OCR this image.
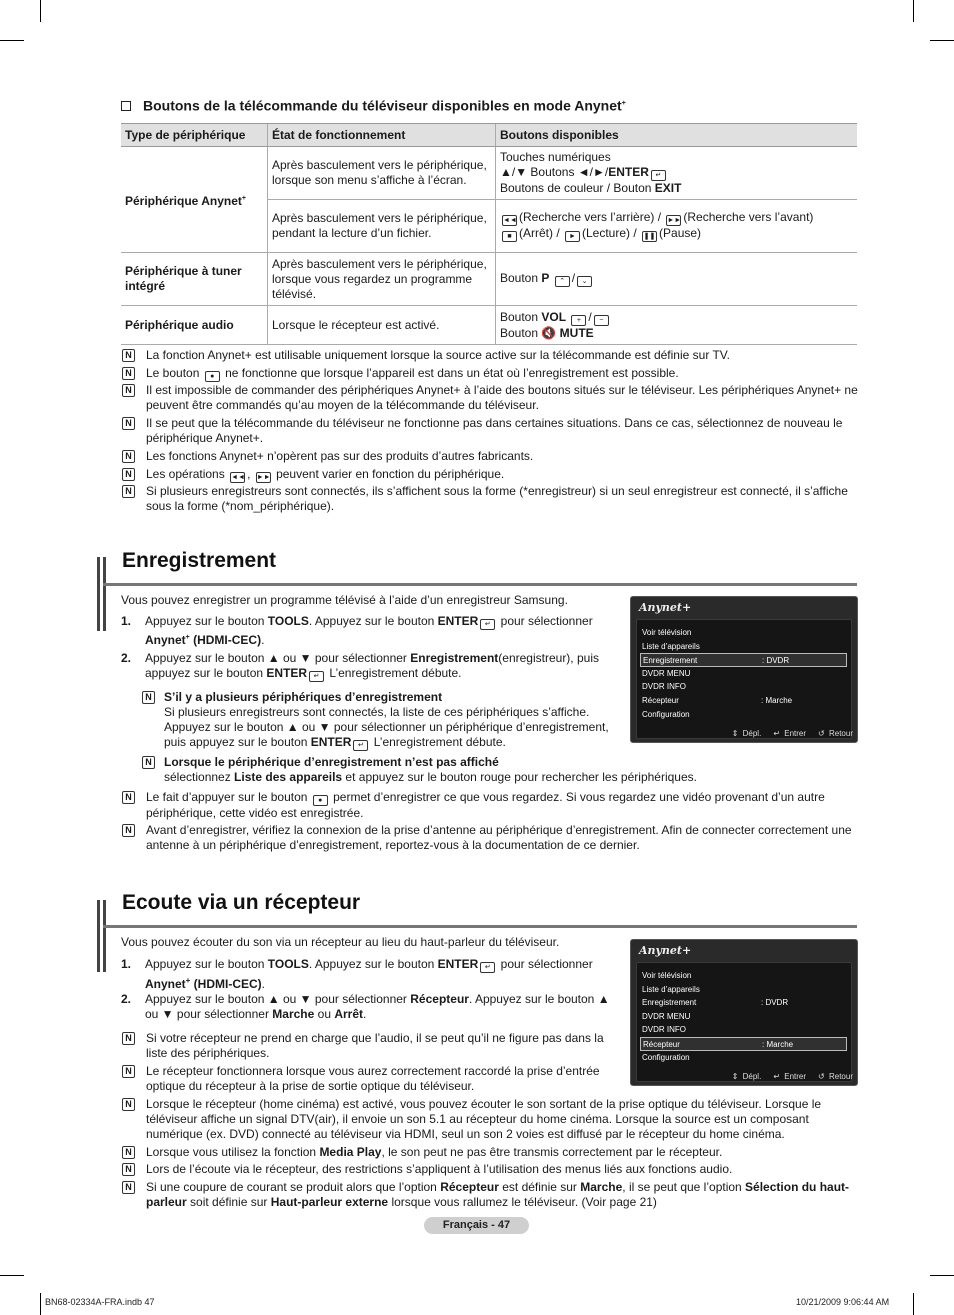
Boutons de la télécommande du téléviseur disponibles en mode Anynet+
Type de périphérique	État de fonctionnement	Boutons disponibles
Périphérique Anynet+	Après basculement vers le périphérique, lorsque son menu s’affiche à l’écran.	Touches numériques
▲/▼ Boutons ◄/►/ENTER ↵
Boutons de couleur / Bouton EXIT

	Après basculement vers le périphérique, pendant la lecture d’un fichier.	◄◄ (Recherche vers l’arrière) / ►► (Recherche vers l’avant)
■ (Arrêt) / ► (Lecture) / ❚❚ (Pause)

Périphérique à tuner intégré	Après basculement vers le périphérique, lorsque vous regardez un programme télévisé.	Bouton P ⌃ / ⌄
Périphérique audio	Lorsque le récepteur est activé.	Bouton VOL + / −
Bouton 🔇 MUTE
N La fonction Anynet+ est utilisable uniquement lorsque la source active sur la télécommande est définie sur TV.
N Le bouton ● ne fonctionne que lorsque l’appareil est dans un état où l’enregistrement est possible.
N Il est impossible de commander des périphériques Anynet+ à l’aide des boutons situés sur le téléviseur. Les périphériques Anynet+ ne peuvent être commandés qu’au moyen de la télécommande du téléviseur.
N Il se peut que la télécommande du téléviseur ne fonctionne pas dans certaines situations. Dans ce cas, sélectionnez de nouveau le périphérique Anynet+.
N Les fonctions Anynet+ n’opèrent pas sur des produits d’autres fabricants.
N Les opérations ◄◄ , ►► peuvent varier en fonction du périphérique.
N Si plusieurs enregistreurs sont connectés, ils s’affichent sous la forme (*enregistreur) si un seul enregistreur est connecté, il s’affiche sous la forme (*nom_périphérique).
Enregistrement
Vous pouvez enregistrer un programme télévisé à l’aide d’un enregistreur Samsung.
1. Appuyez sur le bouton TOOLS. Appuyez sur le bouton ENTER ↵ pour sélectionner Anynet+ (HDMI-CEC).
2. Appuyez sur le bouton ▲ ou ▼ pour sélectionner Enregistrement(enregistreur), puis appuyez sur le bouton ENTER ↵ L’enregistrement débute.
N S’il y a plusieurs périphériques d’enregistrement
Si plusieurs enregistreurs sont connectés, la liste de ces périphériques s’affiche. Appuyez sur le bouton ▲ ou ▼ pour sélectionner un périphérique d’enregistrement, puis appuyez sur le bouton ENTER ↵ L’enregistrement débute.
N Lorsque le périphérique d’enregistrement n’est pas affiché
sélectionnez Liste des appareils et appuyez sur le bouton rouge pour rechercher les périphériques.
N Le fait d’appuyer sur le bouton ● permet d’enregistrer ce que vous regardez. Si vous regardez une vidéo provenant d’un autre périphérique, cette vidéo est enregistrée.
N Avant d’enregistrer, vérifiez la connexion de la prise d’antenne au périphérique d’enregistrement. Afin de connecter correctement une antenne à un périphérique d’enregistrement, reportez-vous à la documentation de ce dernier.
Anynet+
Voir télévision
Liste d’appareils
Enregistrement	: DVDR
DVDR MENU
DVDR INFO
Récepteur	: Marche
Configuration
⇕ Dépl. ↵ Entrer ↺ Retour
Ecoute via un récepteur
Vous pouvez écouter du son via un récepteur au lieu du haut-parleur du téléviseur.
1. Appuyez sur le bouton TOOLS. Appuyez sur le bouton ENTER ↵ pour sélectionner Anynet+ (HDMI-CEC).
2. Appuyez sur le bouton ▲ ou ▼ pour sélectionner Récepteur. Appuyez sur le bouton ▲ ou ▼ pour sélectionner Marche ou Arrêt.
N Si votre récepteur ne prend en charge que l’audio, il se peut qu’il ne figure pas dans la liste des périphériques.
N Le récepteur fonctionnera lorsque vous aurez correctement raccordé la prise d’entrée optique du récepteur à la prise de sortie optique du téléviseur.
N Lorsque le récepteur (home cinéma) est activé, vous pouvez écouter le son sortant de la prise optique du téléviseur. Lorsque le téléviseur affiche un signal DTV(air), il envoie un son 5.1 au récepteur du home cinéma. Lorsque la source est un composant numérique (ex. DVD) connecté au téléviseur via HDMI, seul un son 2 voies est diffusé par le récepteur du home cinéma.
N Lorsque vous utilisez la fonction Media Play, le son peut ne pas être transmis correctement par le récepteur.
N Lors de l’écoute via le récepteur, des restrictions s’appliquent à l’utilisation des menus liés aux fonctions audio.
N Si une coupure de courant se produit alors que l’option Récepteur est définie sur Marche, il se peut que l’option Sélection du haut-parleur soit définie sur Haut-parleur externe lorsque vous rallumez le téléviseur. (Voir page 21)
Anynet+
Voir télévision
Liste d’appareils
Enregistrement	: DVDR
DVDR MENU
DVDR INFO
Récepteur	: Marche
Configuration
⇕ Dépl. ↵ Entrer ↺ Retour
Français - 47
BN68-02334A-FRA.indb 47	10/21/2009 9:06:44 AM
